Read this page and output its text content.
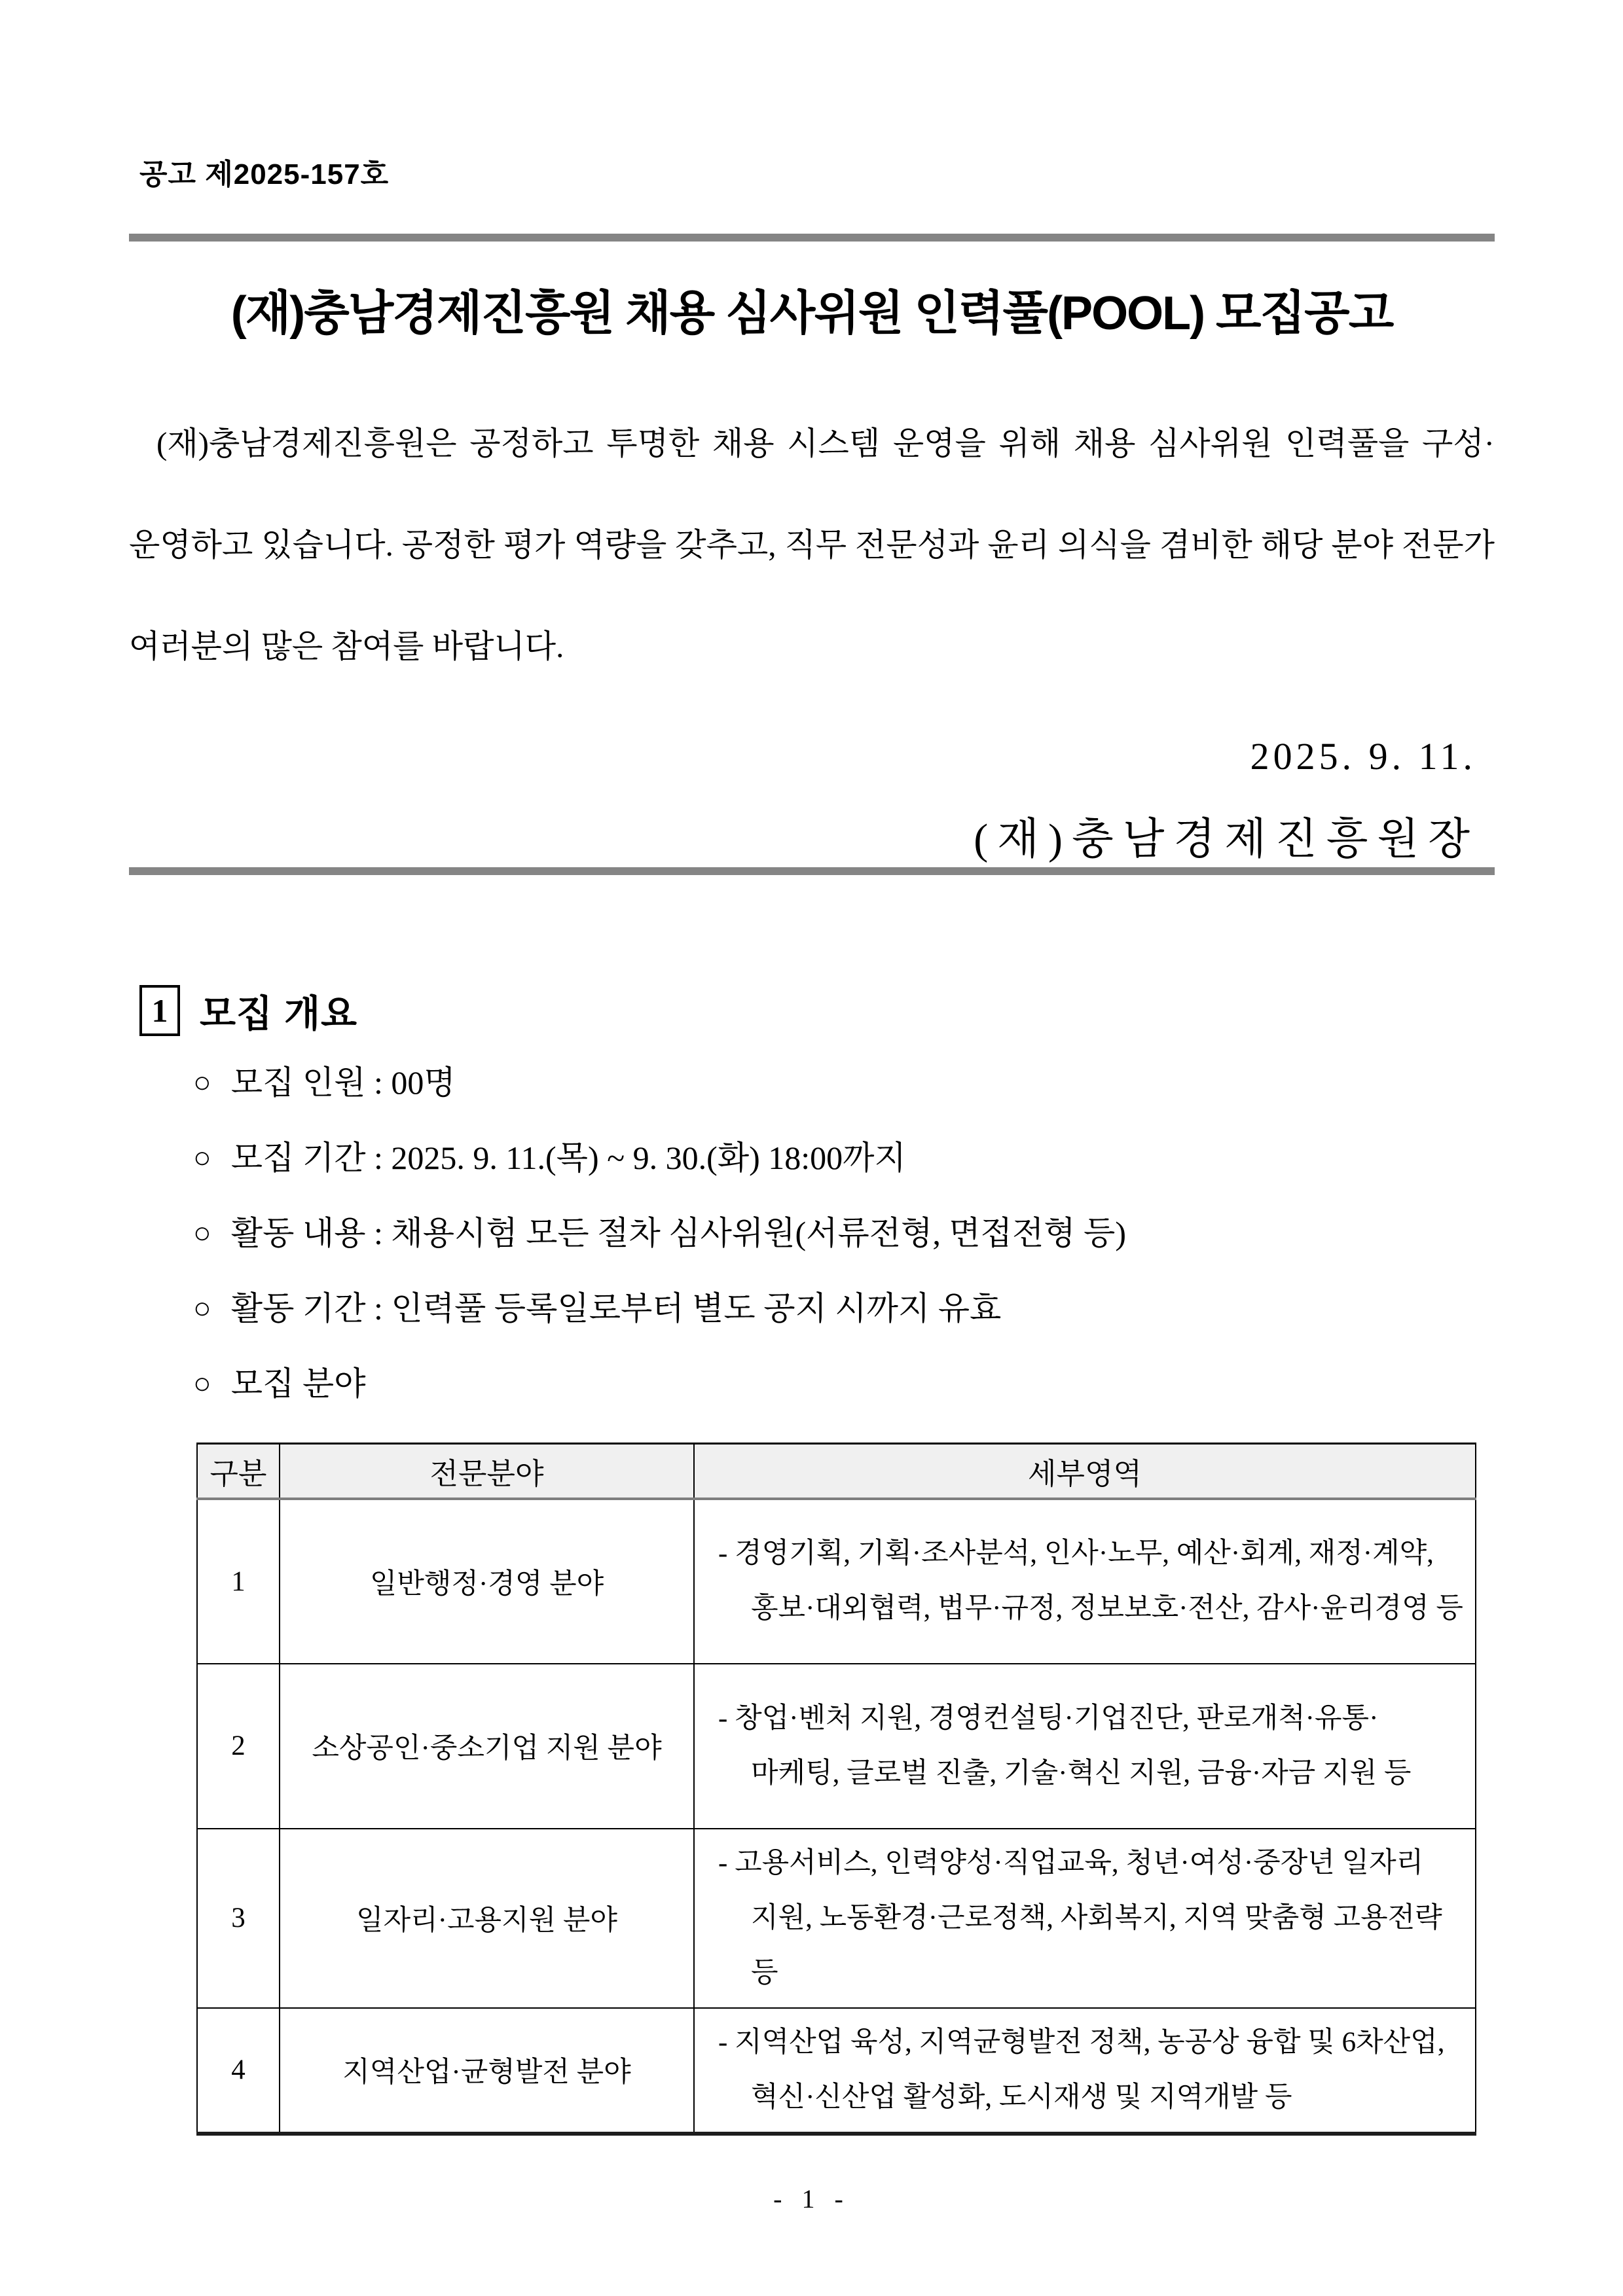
공고 제2025-157호
(재)충남경제진흥원 채용 심사위원 인력풀(POOL) 모집공고

(재)충남경제진흥원은 공정하고 투명한 채용 시스템 운영을 위해 채용 심사위원 인력풀을 구성·운영하고 있습니다. 공정한 평가 역량을 갖추고, 직무 전문성과 윤리 의식을 겸비한 해당 분야 전문가 여러분의 많은 참여를 바랍니다.

2025. 9. 11.
(재)충남경제진흥원장
1 모집 개요
○ 모집 인원 : 00명
○ 모집 기간 : 2025. 9. 11.(목) ~ 9. 30.(화) 18:00까지
○ 활동 내용 : 채용시험 모든 절차 심사위원(서류전형, 면접전형 등)
○ 활동 기간 : 인력풀 등록일로부터 별도 공지 시까지 유효
○ 모집 분야
구분	전문분야	세부영역
1	일반행정·경영 분야	- 경영기획, 기획·조사분석, 인사·노무, 예산·회계, 재정·계약, 홍보·대외협력, 법무·규정, 정보보호·전산, 감사·윤리경영 등
2	소상공인·중소기업 지원 분야	- 창업·벤처 지원, 경영컨설팅·기업진단, 판로개척·유통·마케팅, 글로벌 진출, 기술·혁신 지원, 금융·자금 지원 등
3	일자리·고용지원 분야	- 고용서비스, 인력양성·직업교육, 청년·여성·중장년 일자리 지원, 노동환경·근로정책, 사회복지, 지역 맞춤형 고용전략 등
4	지역산업·균형발전 분야	- 지역산업 육성, 지역균형발전 정책, 농공상 융합 및 6차산업, 혁신·신산업 활성화, 도시재생 및 지역개발 등
- 1 -
